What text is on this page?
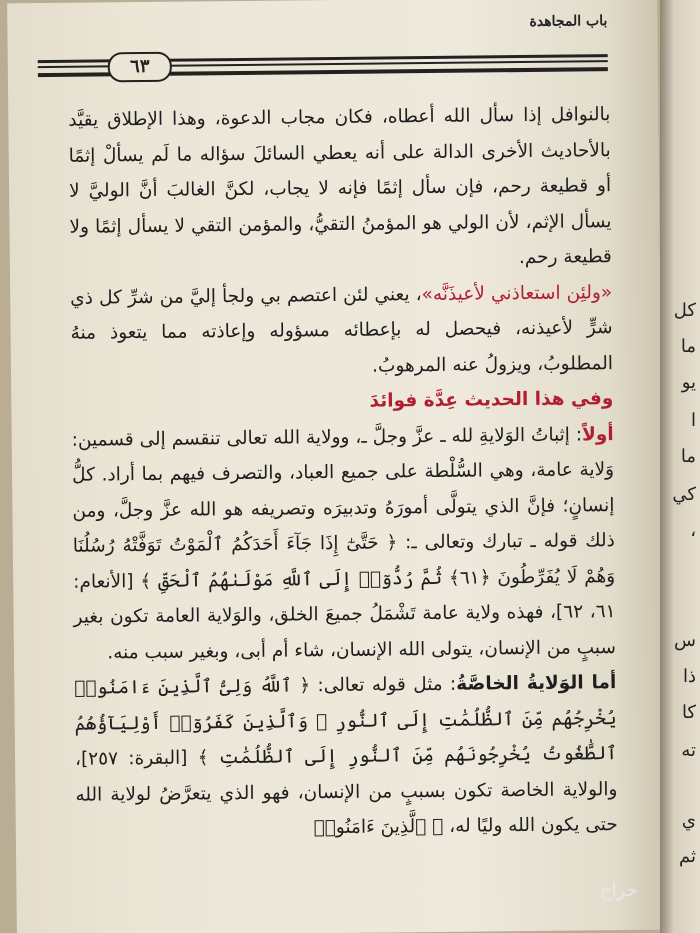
باب المجاهدة
٦٣

بالنوافل إذا سأل الله أعطاه، فكان مجاب الدعوة، وهذا الإطلاق يقيَّد بالأحاديث الأخرى الدالة على أنه يعطي السائلَ سؤاله ما لَم يسألْ إثمًا أو قطيعة رحم، فإن سأل إثمًا فإنه لا يجاب، لكنَّ الغالبَ أنَّ الوليَّ لا يسأل الإثم، لأن الولي هو المؤمنُ التقيُّ، والمؤمن التقي لا يسأل إثمًا ولا قطيعة رحم.

«ولئِن استعاذني لأعيذَنَّه»، يعني لئن اعتصم بي ولجأ إليَّ من شرِّ كل ذي شرٍّ لأعيذنه، فيحصل له بإعطائه مسؤوله وإعاذته مما يتعوذ منهُ المطلوبُ، ويزولُ عنه المرهوبُ.

وفي هذا الحديث عِدَّة فوائدَ

أولاً: إثباتُ الوَلايةِ لله ـ عزَّ وجلَّ ـ، وولاية الله تعالى تنقسم إلى قسمين: وَلاية عامة، وهي السُّلْطة على جميع العباد، والتصرف فيهم بما أراد. كلُّ إنسانٍ؛ فإنَّ الذي يتولَّى أمورَهُ وتدبيرَه وتصريفه هو الله عزَّ وجلَّ، ومن ذلك قوله ـ تبارك وتعالى ـ: ﴿ حَتَّىٰٓ إِذَا جَآءَ أَحَدَكُمُ ٱلْمَوْتُ تَوَفَّتْهُ رُسُلُنَا وَهُمْ لَا يُفَرِّطُونَ ﴿٦١﴾ ثُمَّ رُدُّوٓا۟ إِلَى ٱللَّهِ مَوْلَىٰهُمُ ٱلْحَقِّ ﴾ [الأنعام: ٦١، ٦٢]، فهذه ولاية عامة تَشْمَلُ جميعَ الخلق، والوَلاية العامة تكون بغير سببٍ من الإنسان، يتولى الله الإنسان، شاء أم أبى، وبغير سبب منه.

أما الوَلايةُ الخاصَّةُ: مثل قوله تعالى: ﴿ ٱللَّهُ وَلِىُّ ٱلَّذِينَ ءَامَنُوا۟ يُخْرِجُهُم مِّنَ ٱلظُّلُمَٰتِ إِلَى ٱلنُّورِ ۖ وَٱلَّذِينَ كَفَرُوٓا۟ أَوْلِيَآؤُهُمُ ٱلطَّٰغُوتُ يُخْرِجُونَهُم مِّنَ ٱلنُّورِ إِلَى ٱلظُّلُمَٰتِ ﴾ [البقرة: ٢٥٧]، والولاية الخاصة تكون بسببٍ من الإنسان، فهو الذي يتعرَّضُ لولاية الله حتى يكون الله وليًا له، ﴿ ٱلَّذِينَ ءَامَنُوا۟

كل
ما
يو
ا
ما
كي
،
س
ذا
كا
ته
ي
ثم
حراج
